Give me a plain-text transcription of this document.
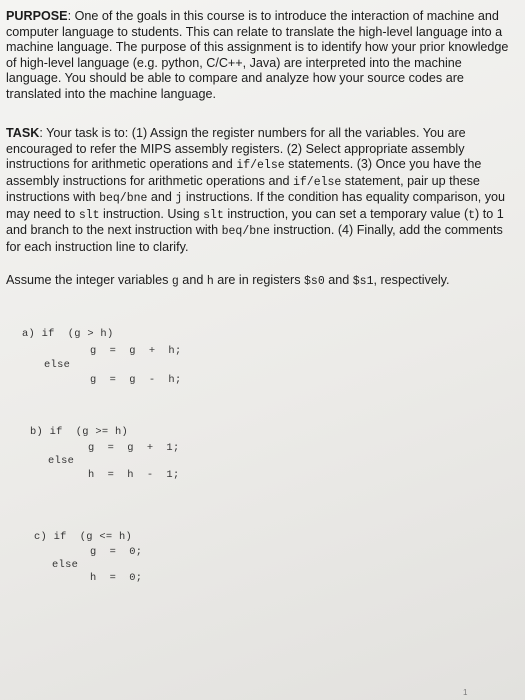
PURPOSE: One of the goals in this course is to introduce the interaction of machine and computer language to students. This can relate to translate the high-level language into a machine language. The purpose of this assignment is to identify how your prior knowledge of high-level language (e.g. python, C/C++, Java) are interpreted into the machine language. You should be able to compare and analyze how your source codes are translated into the machine language.
TASK: Your task is to: (1) Assign the register numbers for all the variables. You are encouraged to refer the MIPS assembly registers. (2) Select appropriate assembly instructions for arithmetic operations and if/else statements. (3) Once you have the assembly instructions for arithmetic operations and if/else statement, pair up these instructions with beq/bne and j instructions. If the condition has equality comparison, you may need to slt instruction. Using slt instruction, you can set a temporary value (t) to 1 and branch to the next instruction with beq/bne instruction. (4) Finally, add the comments for each instruction line to clarify.
Assume the integer variables g and h are in registers $s0 and $s1, respectively.
a) if  (g > h)
g  =  g  +  h;
else
g  =  g  -  h;
b) if  (g >= h)
g  =  g  +  1;
else
h  =  h  -  1;
c) if  (g <= h)
g  =  0;
else
h  =  0;
1
